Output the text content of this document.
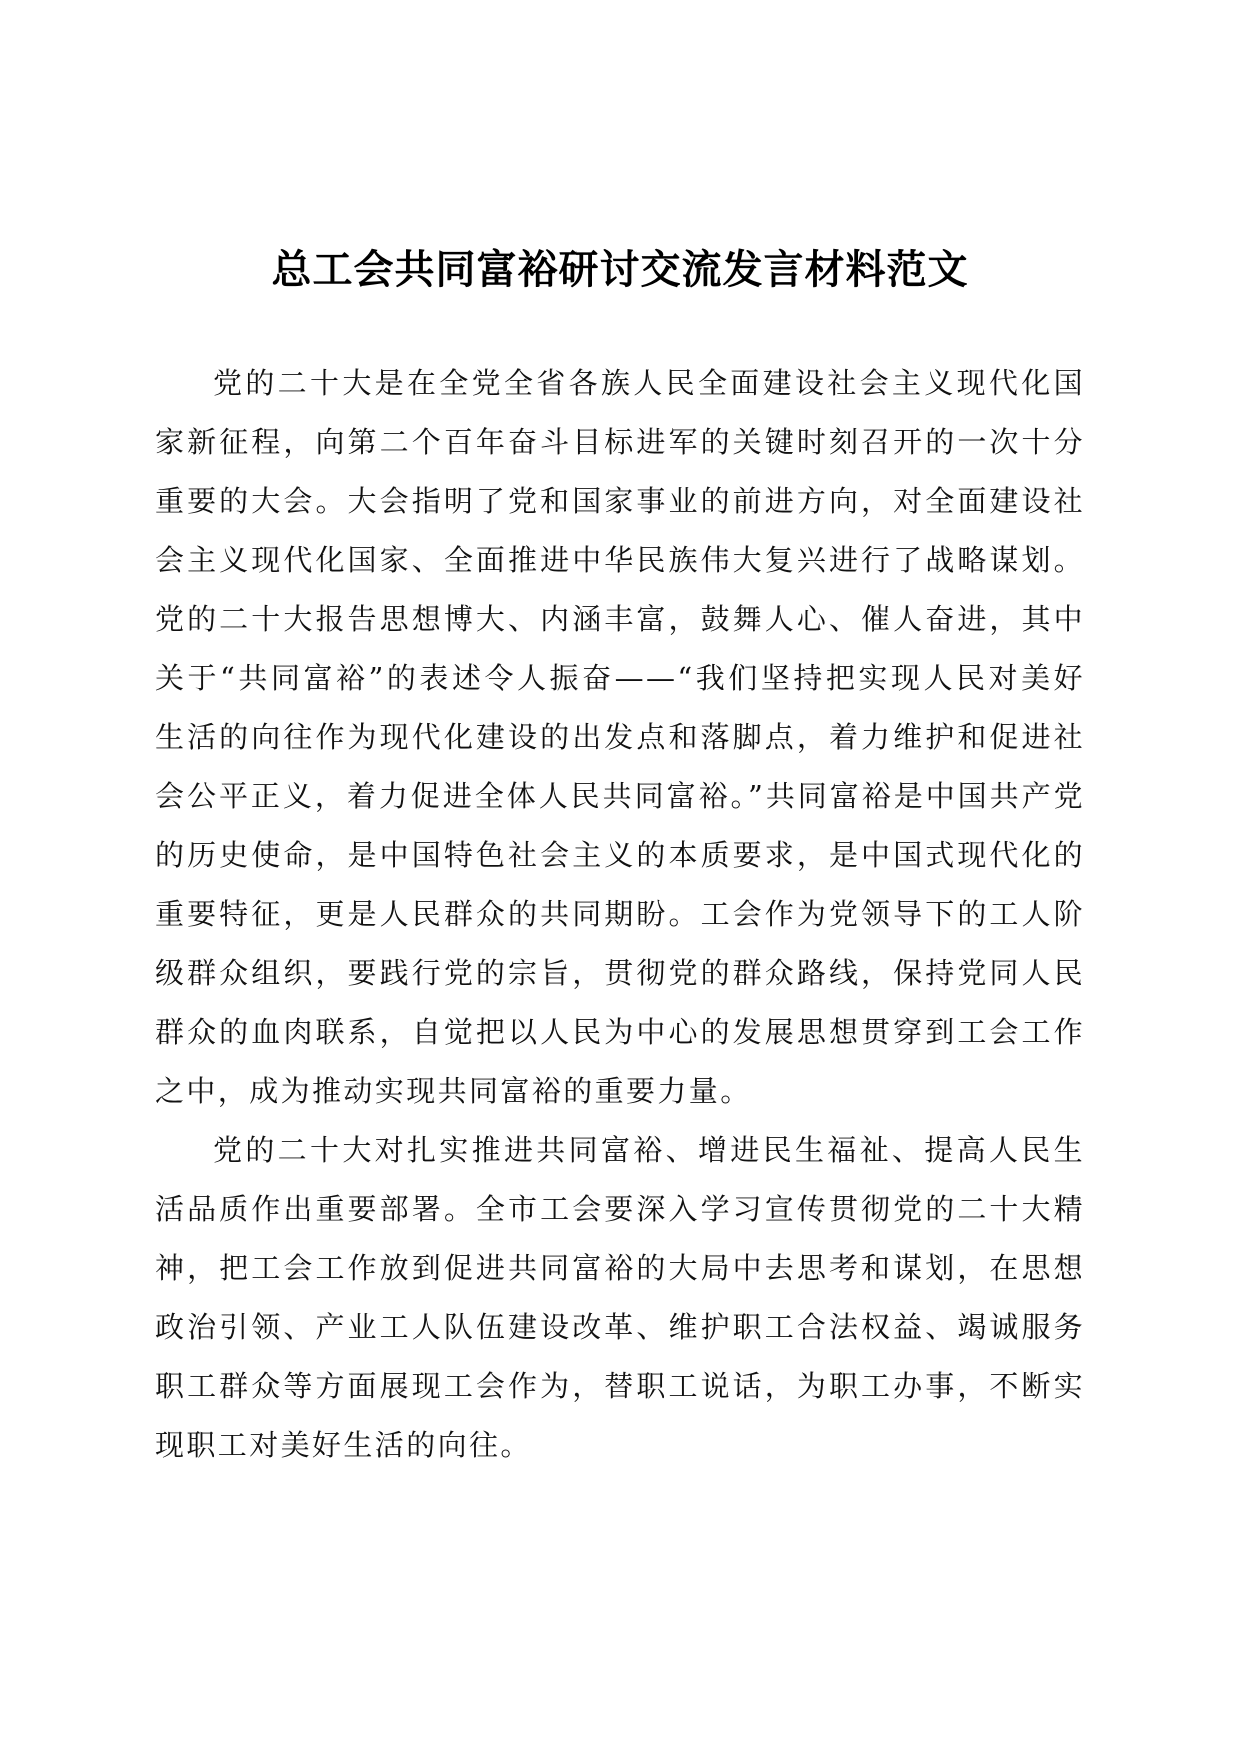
总工会共同富裕研讨交流发言材料范文

党的二十大是在全党全省各族人民全面建设社会主义现代化国家新征程，向第二个百年奋斗目标进军的关键时刻召开的一次十分重要的大会。大会指明了党和国家事业的前进方向，对全面建设社会主义现代化国家、全面推进中华民族伟大复兴进行了战略谋划。党的二十大报告思想博大、内涵丰富，鼓舞人心、催人奋进，其中关于“共同富裕”的表述令人振奋——“我们坚持把实现人民对美好生活的向往作为现代化建设的出发点和落脚点，着力维护和促进社会公平正义，着力促进全体人民共同富裕。”共同富裕是中国共产党的历史使命，是中国特色社会主义的本质要求，是中国式现代化的重要特征，更是人民群众的共同期盼。工会作为党领导下的工人阶级群众组织，要践行党的宗旨，贯彻党的群众路线，保持党同人民群众的血肉联系，自觉把以人民为中心的发展思想贯穿到工会工作之中，成为推动实现共同富裕的重要力量。

党的二十大对扎实推进共同富裕、增进民生福祉、提高人民生活品质作出重要部署。全市工会要深入学习宣传贯彻党的二十大精神，把工会工作放到促进共同富裕的大局中去思考和谋划，在思想政治引领、产业工人队伍建设改革、维护职工合法权益、竭诚服务职工群众等方面展现工会作为，替职工说话，为职工办事，不断实现职工对美好生活的向往。
